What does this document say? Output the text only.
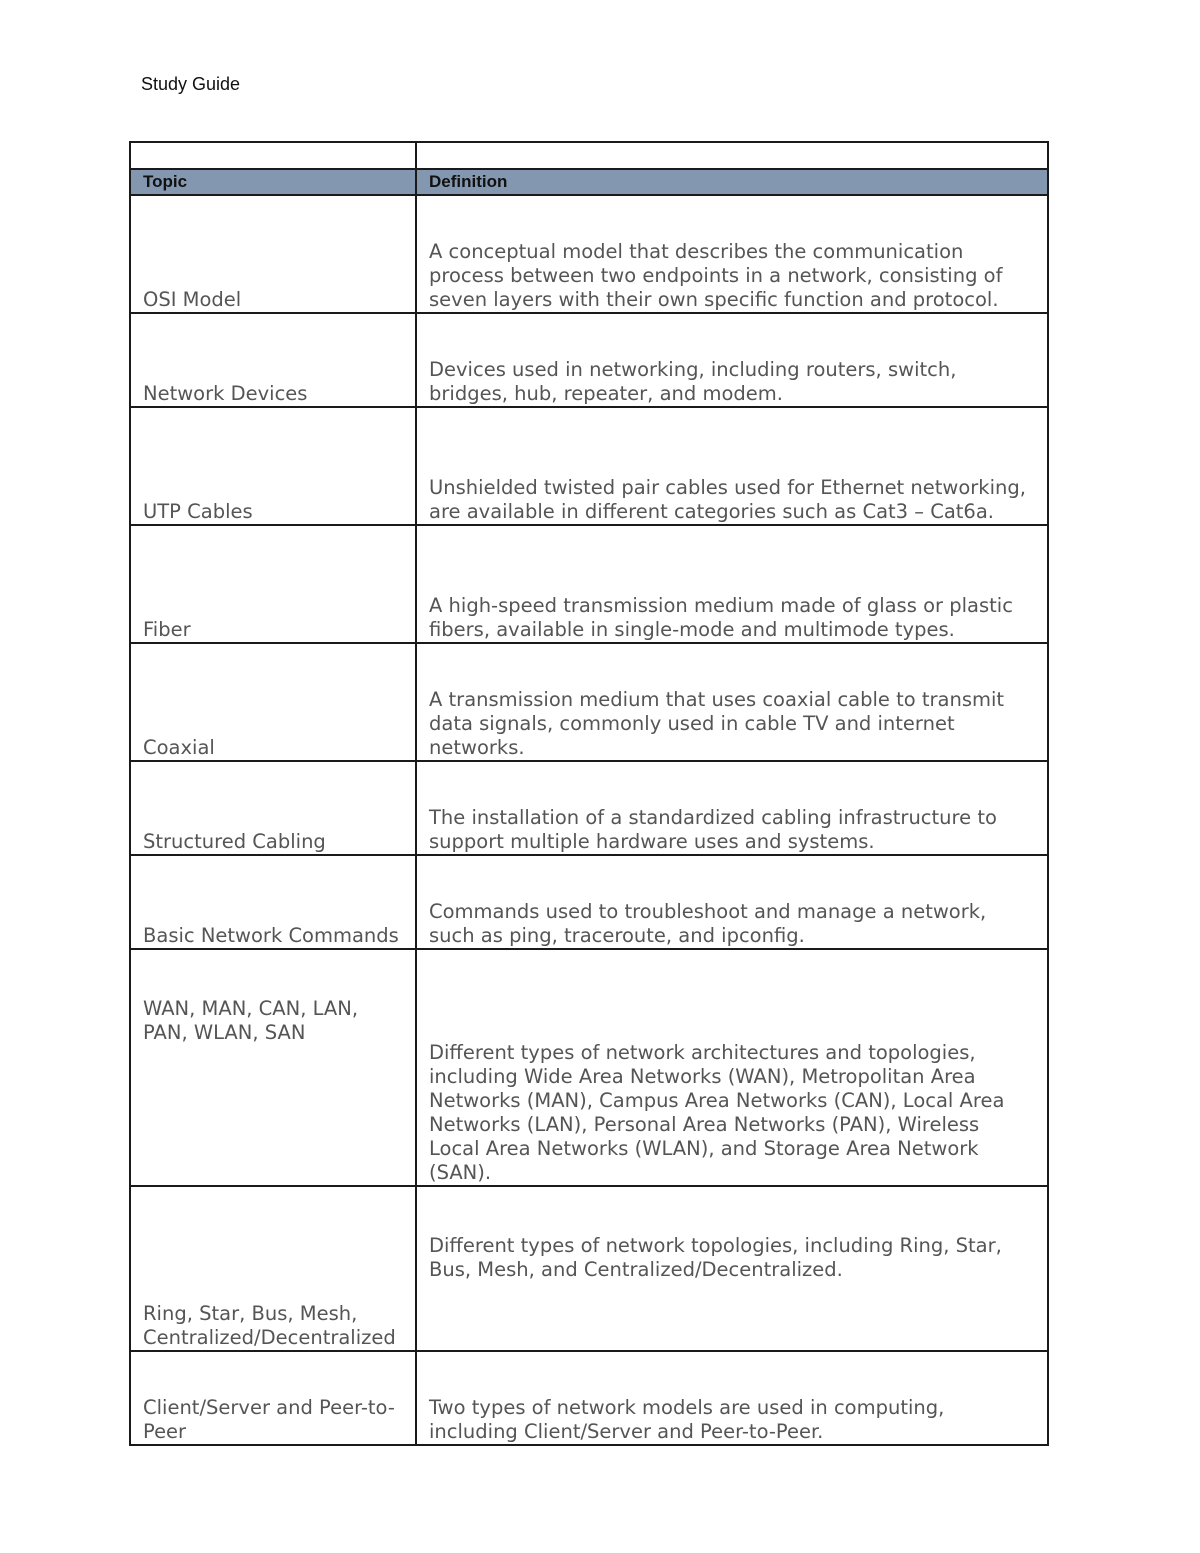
Study Guide

Topic	Definition
OSI Model	A conceptual model that describes the communication process between two endpoints in a network, consisting of seven layers with their own specific function and protocol.
Network Devices	Devices used in networking, including routers, switch, bridges, hub, repeater, and modem.
UTP Cables	Unshielded twisted pair cables used for Ethernet networking, are available in different categories such as Cat3 – Cat6a.
Fiber	A high-speed transmission medium made of glass or plastic fibers, available in single-mode and multimode types.
Coaxial	A transmission medium that uses coaxial cable to transmit data signals, commonly used in cable TV and internet networks.
Structured Cabling	The installation of a standardized cabling infrastructure to support multiple hardware uses and systems.
Basic Network Commands	Commands used to troubleshoot and manage a network, such as ping, traceroute, and ipconfig.
WAN, MAN, CAN, LAN, PAN, WLAN, SAN	Different types of network architectures and topologies, including Wide Area Networks (WAN), Metropolitan Area Networks (MAN), Campus Area Networks (CAN), Local Area Networks (LAN), Personal Area Networks (PAN), Wireless Local Area Networks (WLAN), and Storage Area Network (SAN).
Ring, Star, Bus, Mesh, Centralized/Decentralized	Different types of network topologies, including Ring, Star, Bus, Mesh, and Centralized/Decentralized.
Client/Server and Peer-to-Peer	Two types of network models are used in computing, including Client/Server and Peer-to-Peer.
